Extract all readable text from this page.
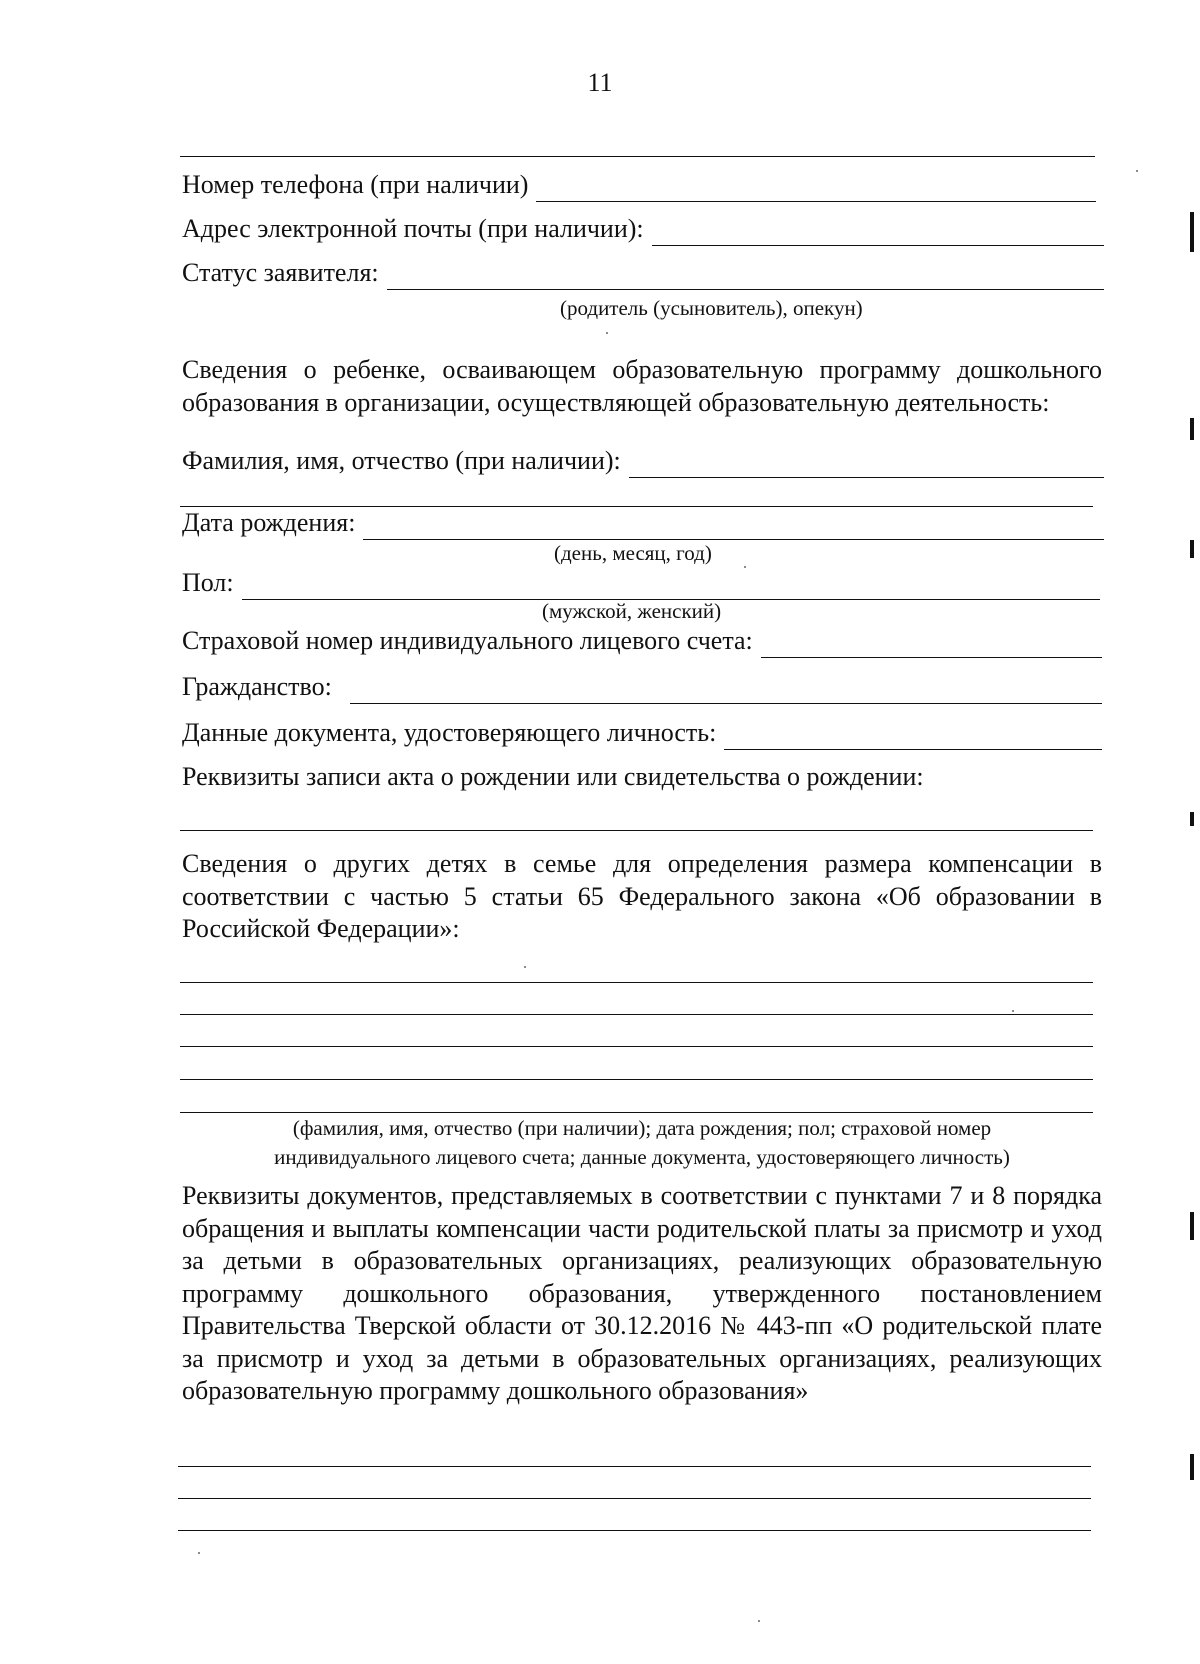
11
Номер телефона (при наличии)
Адрес электронной почты (при наличии):
Статус заявителя:
(родитель (усыновитель), опекун)

Сведения о ребенке, осваивающем образовательную программу дошкольного образования в организации, осуществляющей образовательную деятельность:

Фамилия, имя, отчество (при наличии):
Дата рождения:
(день, месяц, год)
Пол:
(мужской, женский)
Страховой номер индивидуального лицевого счета:
Гражданство:
Данные документа, удостоверяющего личность:
Реквизиты записи акта о рождении или свидетельства о рождении:

Сведения о других детях в семье для определения размера компенсации в соответствии с частью 5 статьи 65 Федерального закона «Об образовании в Российской Федерации»:

(фамилия, имя, отчество (при наличии); дата рождения; пол; страховой номер
индивидуального лицевого счета; данные документа, удостоверяющего личность)

Реквизиты документов, представляемых в соответствии с пунктами 7 и 8 порядка обращения и выплаты компенсации части родительской платы за присмотр и уход за детьми в образовательных организациях, реализующих образовательную программу дошкольного образования, утвержденного постановлением Правительства Тверской области от 30.12.2016 № 443-пп «О родительской плате за присмотр и уход за детьми в образовательных организациях, реализующих образовательную программу дошкольного образования»
